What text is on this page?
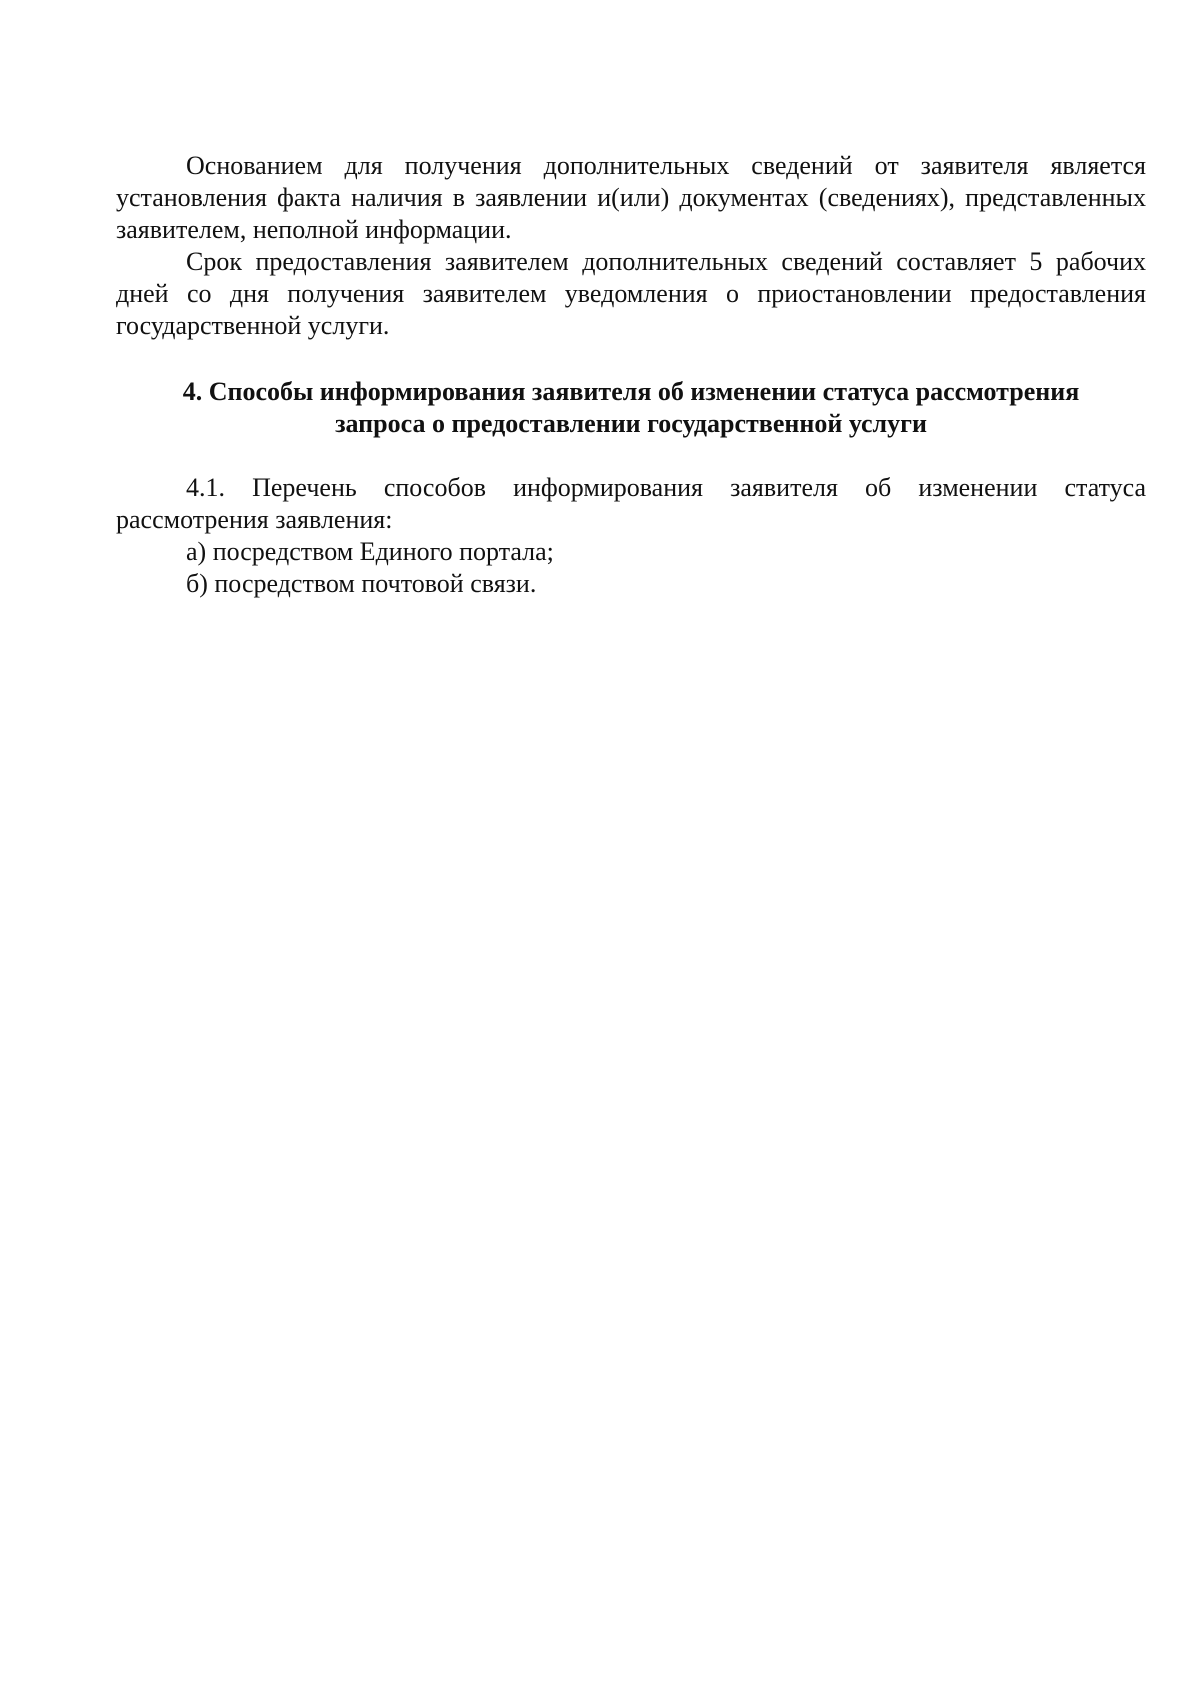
Основанием для получения дополнительных сведений от заявителя является установления факта наличия в заявлении и(или) документах (сведениях), представленных заявителем, неполной информации.

Срок предоставления заявителем дополнительных сведений составляет 5 рабочих дней со дня получения заявителем уведомления о приостановлении предоставления государственной услуги.

4. Способы информирования заявителя об изменении статуса рассмотрения
запроса о предоставлении государственной услуги

4.1. Перечень способов информирования заявителя об изменении статуса рассмотрения заявления:

а) посредством Единого портала;

б) посредством почтовой связи.
